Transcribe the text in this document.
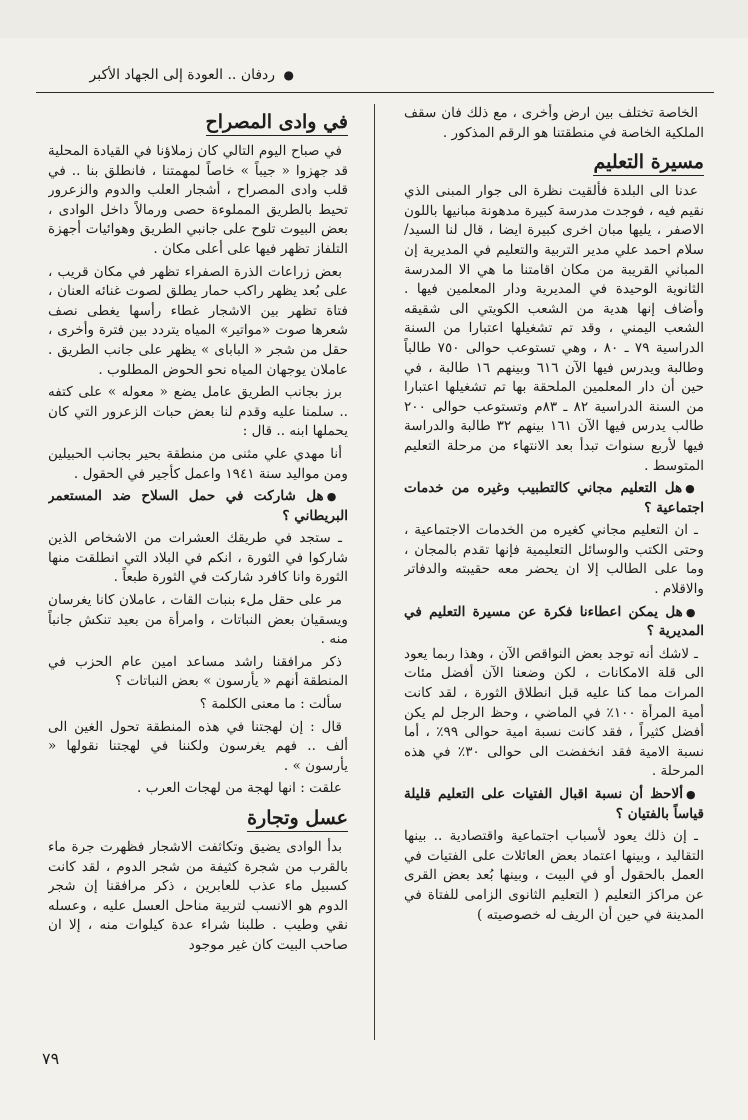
● ردفان .. العودة إلى الجهاد الأكبر

الخاصة تختلف بين ارض وأخرى ، مع ذلك فان سقف الملكية الخاصة في منطقتنا هو الرقم المذكور .

مسيرة التعليم

عدنا الى البلدة فألقيت نظرة الى جوار المبنى الذي نقيم فيه ، فوجدت مدرسة كبيرة مدهونة مبانيها باللون الاصفر ، يليها مبان اخرى كبيرة ايضا ، قال لنا السيد/ سلام احمد علي مدير التربية والتعليم في المديرية إن المباني القريبة من مكان اقامتنا ما هي الا المدرسة الثانوية الوحيدة في المديرية ودار المعلمين فيها . وأضاف إنها هدية من الشعب الكويتي الى شقيقه الشعب اليمني ، وقد تم تشغيلها اعتبارا من السنة الدراسية ٧٩ ـ ٨٠ ، وهي تستوعب حوالى ٧٥٠ طالباً وطالبة ويدرس فيها الآن ٦١٦ وبينهم ١٦ طالبة ، في حين أن دار المعلمين الملحقة بها تم تشغيلها اعتبارا من السنة الدراسية ٨٢ ـ ٨٣م وتستوعب حوالى ٢٠٠ طالب يدرس فيها الآن ١٦١ بينهم ٣٢ طالبة والدراسة فيها لأربع سنوات تبدأ بعد الانتهاء من مرحلة التعليم المتوسط .

●هل التعليم مجاني كالتطبيب وغيره من خدمات اجتماعية ؟

ـ ان التعليم مجاني كغيره من الخدمات الاجتماعية ، وحتى الكتب والوسائل التعليمية فإنها تقدم بالمجان ، وما على الطالب إلا ان يحضر معه حقيبته والدفاتر والاقلام .

●هل يمكن اعطاءنا فكرة عن مسيرة التعليم في المديرية ؟

ـ لاشك أنه توجد بعض النواقص الآن ، وهذا ربما يعود الى قلة الامكانات ، لكن وضعنا الآن أفضل مئات المرات مما كنا عليه قبل انطلاق الثورة ، لقد كانت أمية المرأة ١٠٠٪ في الماضي ، وحظ الرجل لم يكن أفضل كثيراً ، فقد كانت نسبة امية حوالى ٩٩٪ ، أما نسبة الامية فقد انخفضت الى حوالى ٣٠٪ في هذه المرحلة .

●ألاحظ أن نسبة اقبال الفتيات على التعليم قليلة قياساً بالفتيان ؟

ـ إن ذلك يعود لأسباب اجتماعية واقتصادية .. بينها التقاليد ، وبينها اعتماد بعض العائلات على الفتيات في العمل بالحقول أو في البيت ، وبينها بُعد بعض القرى عن مراكز التعليم ( التعليم الثانوى الزامى للفتاة في المدينة في حين أن الريف له خصوصيته )

في وادى المصراح

في صباح اليوم التالي كان زملاؤنا في القيادة المحلية قد جهزوا « جيباً » خاصاً لمهمتنا ، فانطلق بنا .. في قلب وادى المصراح ، أشجار العلب والدوم والزعرور تحيط بالطريق المملوءة حصى ورمالاً داخل الوادى ، بعض البيوت تلوح على جانبي الطريق وهوائيات أجهزة التلفاز تظهر فيها على أعلى مكان .

بعض زراعات الذرة الصفراء تظهر في مكان قريب ، على بُعد يظهر راكب حمار يطلق لصوت غنائه العنان ، فتاة تظهر بين الاشجار غطاء رأسها يغطى نصف شعرها صوت «مواتير» المياه يتردد بين فترة وأخرى ، حقل من شجر « البابای » يظهر على جانب الطريق . عاملان يوجهان المياه نحو الحوض المطلوب .

برز بجانب الطريق عامل يضع « معوله » على كتفه .. سلمنا عليه وقدم لنا بعض حبات الزعرور التي كان يحملها ابنه .. قال :

أنا مهدي علي مثنى من منطقة بحير بجانب الحبيلين ومن مواليد سنة ١٩٤١ واعمل كأجير في الحقول .

●هل شاركت في حمل السلاح ضد المستعمر البريطاني ؟

ـ ستجد في طريقك العشرات من الاشخاص الذين شاركوا في الثورة ، انكم في البلاد التي انطلقت منها الثورة وانا كافرد شاركت في الثورة طبعاً .

مر على حقل ملء بنبات القات ، عاملان كانا يغرسان ويسقيان بعض النباتات ، وامرأة من بعيد تنكش جانباً منه .

ذكر مرافقنا راشد مساعد امين عام الحزب في المنطقة أنهم « يأرسون » بعض النباتات ؟

سألت : ما معنى الكلمة ؟

قال : إن لهجتنا في هذه المنطقة تحول الغين الى ألف .. فهم يغرسون ولكننا في لهجتنا نقولها « يأرسون » .

علقت : انها لهجة من لهجات العرب .

عسل وتجارة

بدأ الوادى يضيق وتكاثفت الاشجار فظهرت جرة ماء بالقرب من شجرة كثيفة من شجر الدوم ، لقد كانت كسبيل ماء عذب للعابرين ، ذكر مرافقنا إن شجر الدوم هو الانسب لتربية مناحل العسل عليه ، وعسله نقي وطيب . طلبنا شراء عدة كيلوات منه ، إلا ان صاحب البيت كان غير موجود

٧٩
